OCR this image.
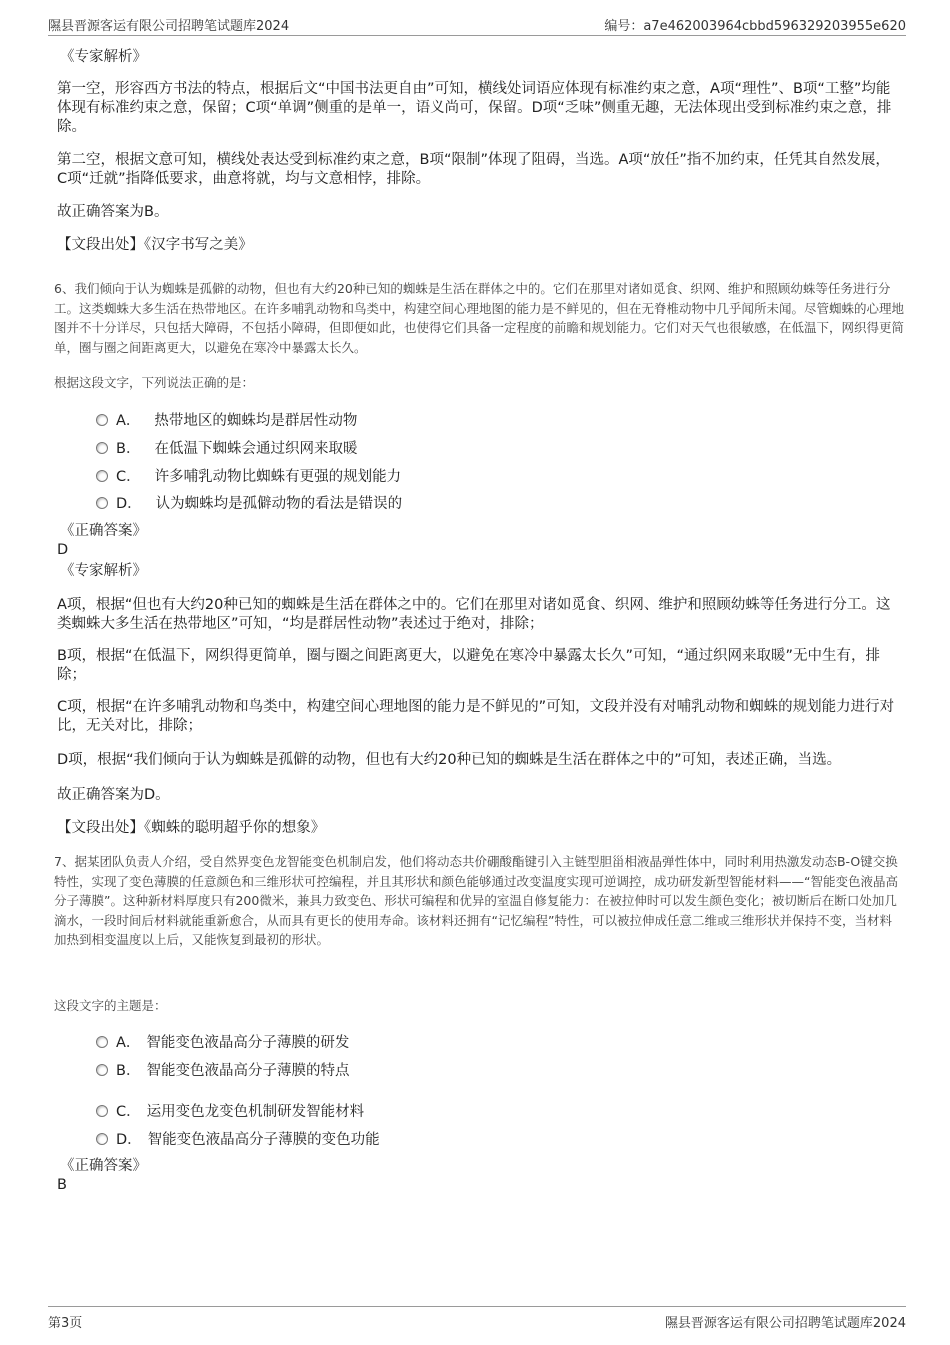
隰县晋源客运有限公司招聘笔试题库2024	编号：a7e462003964cbbd596329203955e620
《专家解析》
第一空，形容西方书法的特点，根据后文“中国书法更自由”可知，横线处词语应体现有标准约束之意，A项“理性”、B项“工整”均能体现有标准约束之意，保留；C项“单调”侧重的是单一，语义尚可，保留。D项“乏味”侧重无趣，无法体现出受到标准约束之意，排除。
第二空，根据文意可知，横线处表达受到标准约束之意，B项“限制”体现了阻碍，当选。A项“放任”指不加约束，任凭其自然发展，C项“迁就”指降低要求，曲意将就，均与文意相悖，排除。
故正确答案为B。
【文段出处】《汉字书写之美》
6、我们倾向于认为蜘蛛是孤僻的动物，但也有大约20种已知的蜘蛛是生活在群体之中的。它们在那里对诸如觅食、织网、维护和照顾幼蛛等任务进行分工。这类蜘蛛大多生活在热带地区。在许多哺乳动物和鸟类中，构建空间心理地图的能力是不鲜见的，但在无脊椎动物中几乎闻所未闻。尽管蜘蛛的心理地图并不十分详尽，只包括大障碍，不包括小障碍，但即便如此，也使得它们具备一定程度的前瞻和规划能力。它们对天气也很敏感，在低温下，网织得更简单，圈与圈之间距离更大，以避免在寒冷中暴露太长久。
根据这段文字，下列说法正确的是：
A． 热带地区的蜘蛛均是群居性动物
B． 在低温下蜘蛛会通过织网来取暖
C． 许多哺乳动物比蜘蛛有更强的规划能力
D． 认为蜘蛛均是孤僻动物的看法是错误的
《正确答案》
D
《专家解析》
A项，根据“但也有大约20种已知的蜘蛛是生活在群体之中的。它们在那里对诸如觅食、织网、维护和照顾幼蛛等任务进行分工。这类蜘蛛大多生活在热带地区”可知，“均是群居性动物”表述过于绝对，排除；
B项，根据“在低温下，网织得更简单，圈与圈之间距离更大，以避免在寒冷中暴露太长久”可知，“通过织网来取暖”无中生有，排除；
C项，根据“在许多哺乳动物和鸟类中，构建空间心理地图的能力是不鲜见的”可知，文段并没有对哺乳动物和蜘蛛的规划能力进行对比，无关对比，排除；
D项，根据“我们倾向于认为蜘蛛是孤僻的动物，但也有大约20种已知的蜘蛛是生活在群体之中的”可知，表述正确，当选。
故正确答案为D。
【文段出处】《蜘蛛的聪明超乎你的想象》
7、据某团队负责人介绍，受自然界变色龙智能变色机制启发，他们将动态共价硼酸酯键引入主链型胆甾相液晶弹性体中，同时利用热激发动态B-O键交换特性，实现了变色薄膜的任意颜色和三维形状可控编程，并且其形状和颜色能够通过改变温度实现可逆调控，成功研发新型智能材料——“智能变色液晶高分子薄膜”。这种新材料厚度只有200微米，兼具力致变色、形状可编程和优异的室温自修复能力：在被拉伸时可以发生颜色变化；被切断后在断口处加几滴水，一段时间后材料就能重新愈合，从而具有更长的使用寿命。该材料还拥有“记忆编程”特性，可以被拉伸成任意二维或三维形状并保持不变，当材料加热到相变温度以上后，又能恢复到最初的形状。
这段文字的主题是：
A． 智能变色液晶高分子薄膜的研发
B． 智能变色液晶高分子薄膜的特点
C． 运用变色龙变色机制研发智能材料
D． 智能变色液晶高分子薄膜的变色功能
《正确答案》
B
第3页	隰县晋源客运有限公司招聘笔试题库2024
